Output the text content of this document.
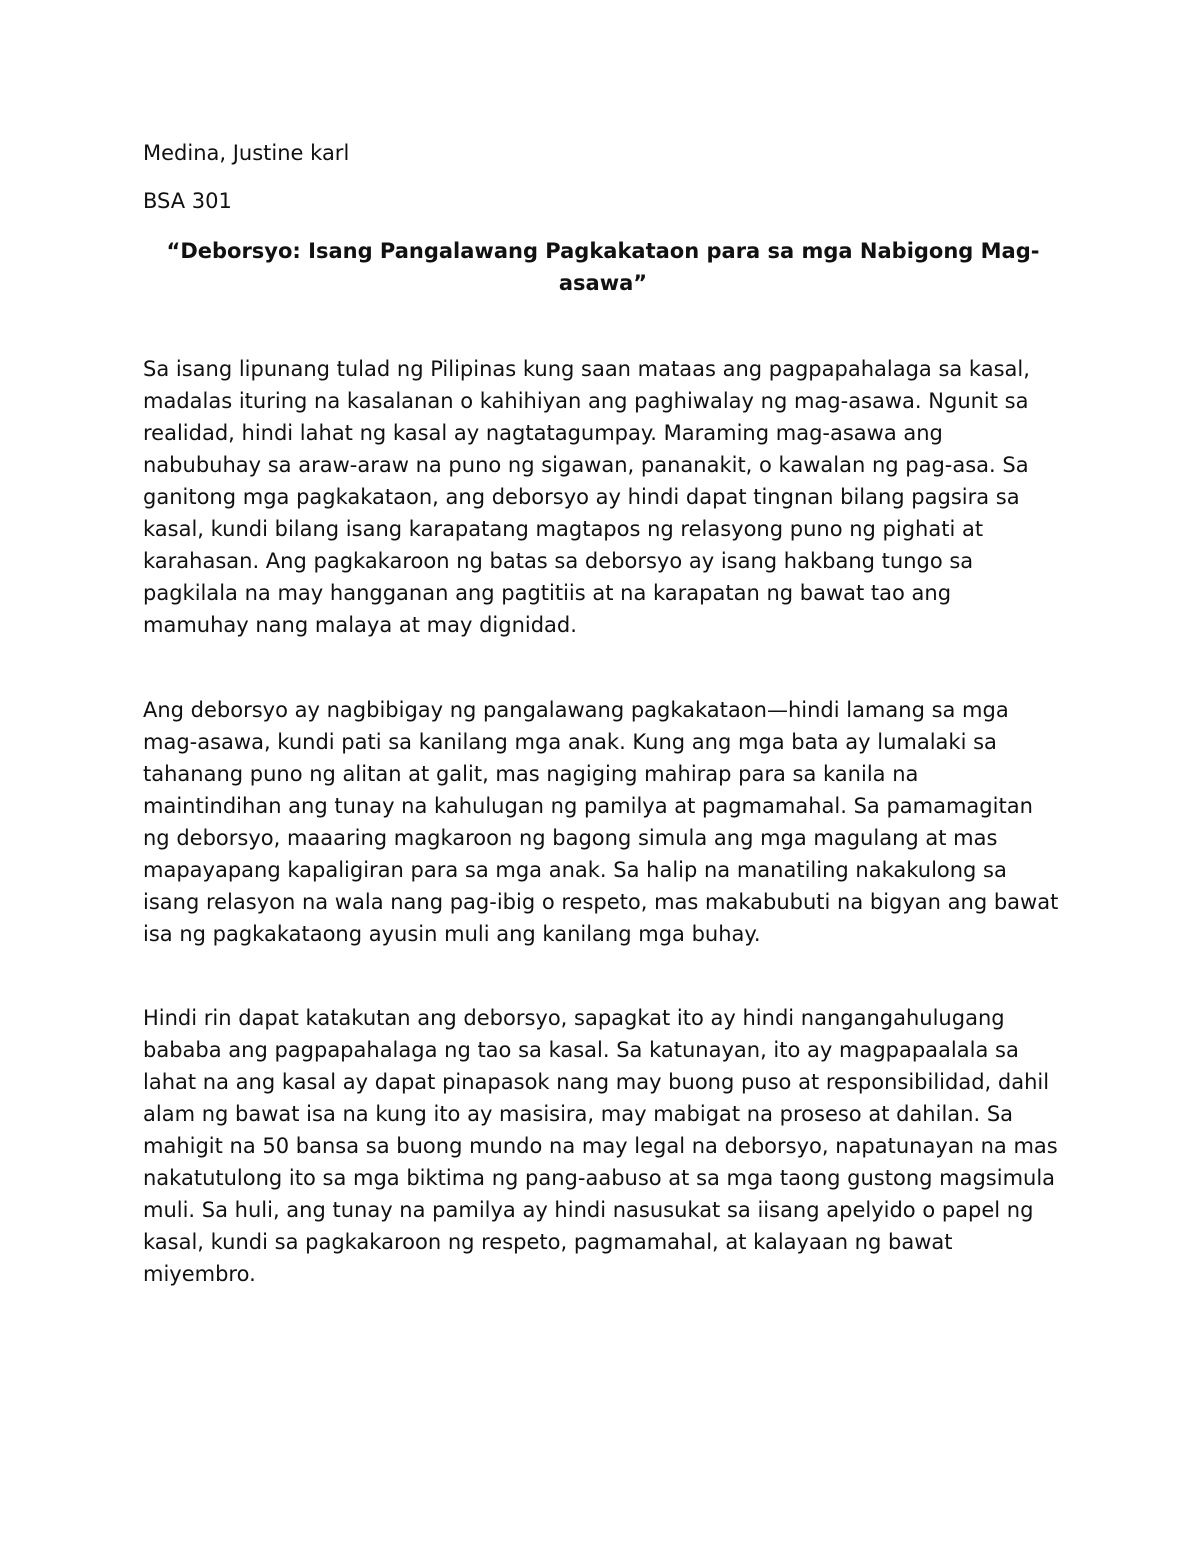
Medina, Justine karl

BSA 301

“Deborsyo: Isang Pangalawang Pagkakataon para sa mga Nabigong Mag-asawa”

Sa isang lipunang tulad ng Pilipinas kung saan mataas ang pagpapahalaga sa kasal, madalas ituring na kasalanan o kahihiyan ang paghiwalay ng mag-asawa. Ngunit sa realidad, hindi lahat ng kasal ay nagtatagumpay. Maraming mag-asawa ang nabubuhay sa araw-araw na puno ng sigawan, pananakit, o kawalan ng pag-asa. Sa ganitong mga pagkakataon, ang deborsyo ay hindi dapat tingnan bilang pagsira sa kasal, kundi bilang isang karapatang magtapos ng relasyong puno ng pighati at karahasan. Ang pagkakaroon ng batas sa deborsyo ay isang hakbang tungo sa pagkilala na may hangganan ang pagtitiis at na karapatan ng bawat tao ang mamuhay nang malaya at may dignidad.

Ang deborsyo ay nagbibigay ng pangalawang pagkakataon—hindi lamang sa mga mag-asawa, kundi pati sa kanilang mga anak. Kung ang mga bata ay lumalaki sa tahanang puno ng alitan at galit, mas nagiging mahirap para sa kanila na maintindihan ang tunay na kahulugan ng pamilya at pagmamahal. Sa pamamagitan ng deborsyo, maaaring magkaroon ng bagong simula ang mga magulang at mas mapayapang kapaligiran para sa mga anak. Sa halip na manatiling nakakulong sa isang relasyon na wala nang pag-ibig o respeto, mas makabubuti na bigyan ang bawat isa ng pagkakataong ayusin muli ang kanilang mga buhay.

Hindi rin dapat katakutan ang deborsyo, sapagkat ito ay hindi nangangahulugang bababa ang pagpapahalaga ng tao sa kasal. Sa katunayan, ito ay magpapaalala sa lahat na ang kasal ay dapat pinapasok nang may buong puso at responsibilidad, dahil alam ng bawat isa na kung ito ay masisira, may mabigat na proseso at dahilan. Sa mahigit na 50 bansa sa buong mundo na may legal na deborsyo, napatunayan na mas nakatutulong ito sa mga biktima ng pang-aabuso at sa mga taong gustong magsimula muli. Sa huli, ang tunay na pamilya ay hindi nasusukat sa iisang apelyido o papel ng kasal, kundi sa pagkakaroon ng respeto, pagmamahal, at kalayaan ng bawat miyembro.
